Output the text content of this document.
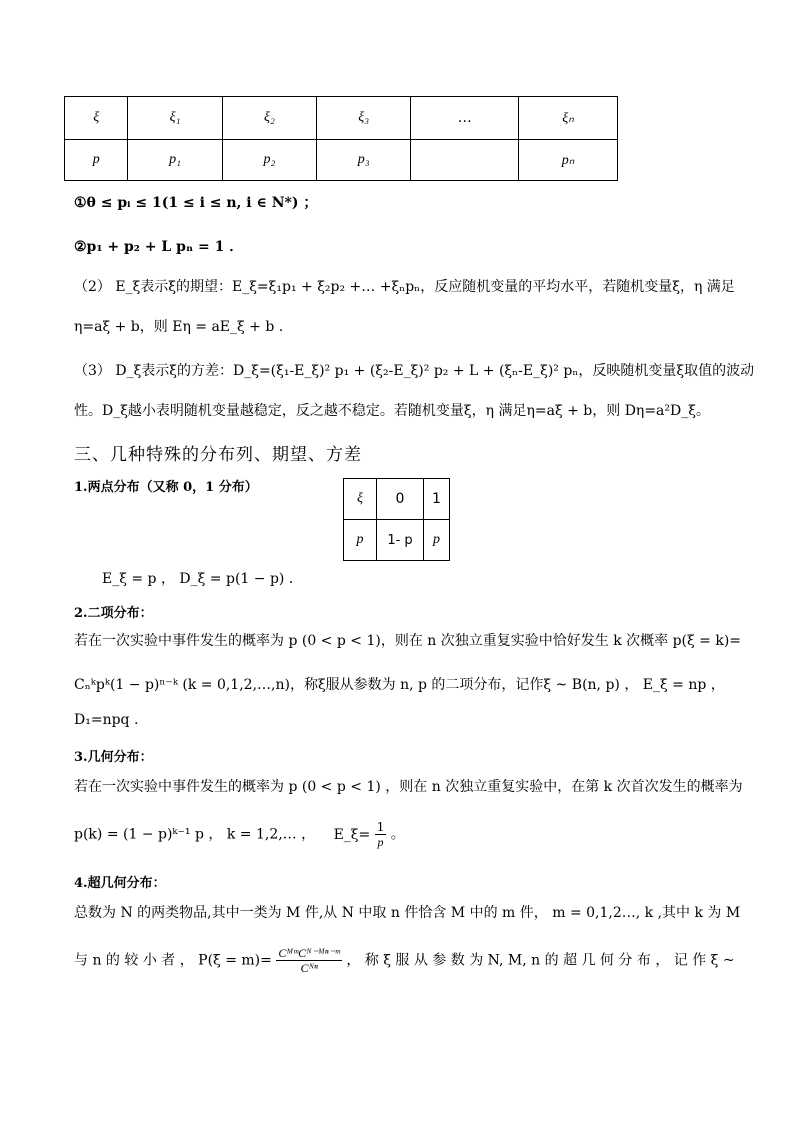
ξ	ξ₁	ξ₂	ξ₃	…	ξₙ
p	p₁	p₂	p₃		pₙ
①θ ≤ pᵢ ≤ 1(1 ≤ i ≤ n, i ∈ N*) ；
②p₁ + p₂ + L pₙ = 1 ．
（2） E_ξ表示ξ的期望：E_ξ=ξ₁p₁ + ξ₂p₂ +… +ξₙpₙ，反应随机变量的平均水平，若随机变量ξ，η 满足
η=aξ + b，则 Eη = aE_ξ + b .
（3） D_ξ表示ξ的方差：D_ξ=(ξ₁-E_ξ)² p₁ + (ξ₂-E_ξ)² p₂ + L + (ξₙ-E_ξ)² pₙ，反映随机变量ξ取值的波动
性。D_ξ越小表明随机变量越稳定，反之越不稳定。若随机变量ξ，η 满足η=aξ + b，则 Dη=a²D_ξ。
三、几种特殊的分布列、期望、方差
1.两点分布（又称 0，1 分布）
ξ	0	1
p	1- p	p
E_ξ = p ， D_ξ = p(1 − p) ．
2.二项分布：
若在一次实验中事件发生的概率为 p (0 < p < 1)，则在 n 次独立重复实验中恰好发生 k 次概率 p(ξ = k)=
Cₙᵏpᵏ(1 − p)ⁿ⁻ᵏ (k = 0,1,2,…,n)，称ξ服从参数为 n, p 的二项分布，记作ξ ~ B(n, p) ， E_ξ = np ，
D₁=npq .
3.几何分布：
若在一次实验中事件发生的概率为 p (0 < p < 1) ，则在 n 次独立重复实验中，在第 k 次首次发生的概率为
p(k) = (1 − p)ᵏ⁻¹ p ， k = 1,2,… ， E_ξ= $\frac{1}{p}$ 。
4.超几何分布：
总数为 N 的两类物品,其中一类为 M 件,从 N 中取 n 件恰含 M 中的 m 件， m = 0,1,2…, k ,其中 k 为 M
与 n 的 较 小 者 ， $P(\xi = m)= \frac{\text{CᴹᵐCᴺ⁻ᴹⁿ⁻ᵐ}}{\text{Cᴺⁿ}}$ ， 称 ξ 服 从 参 数 为 N, M, n 的 超 几 何 分 布 ， 记 作 ξ ~
